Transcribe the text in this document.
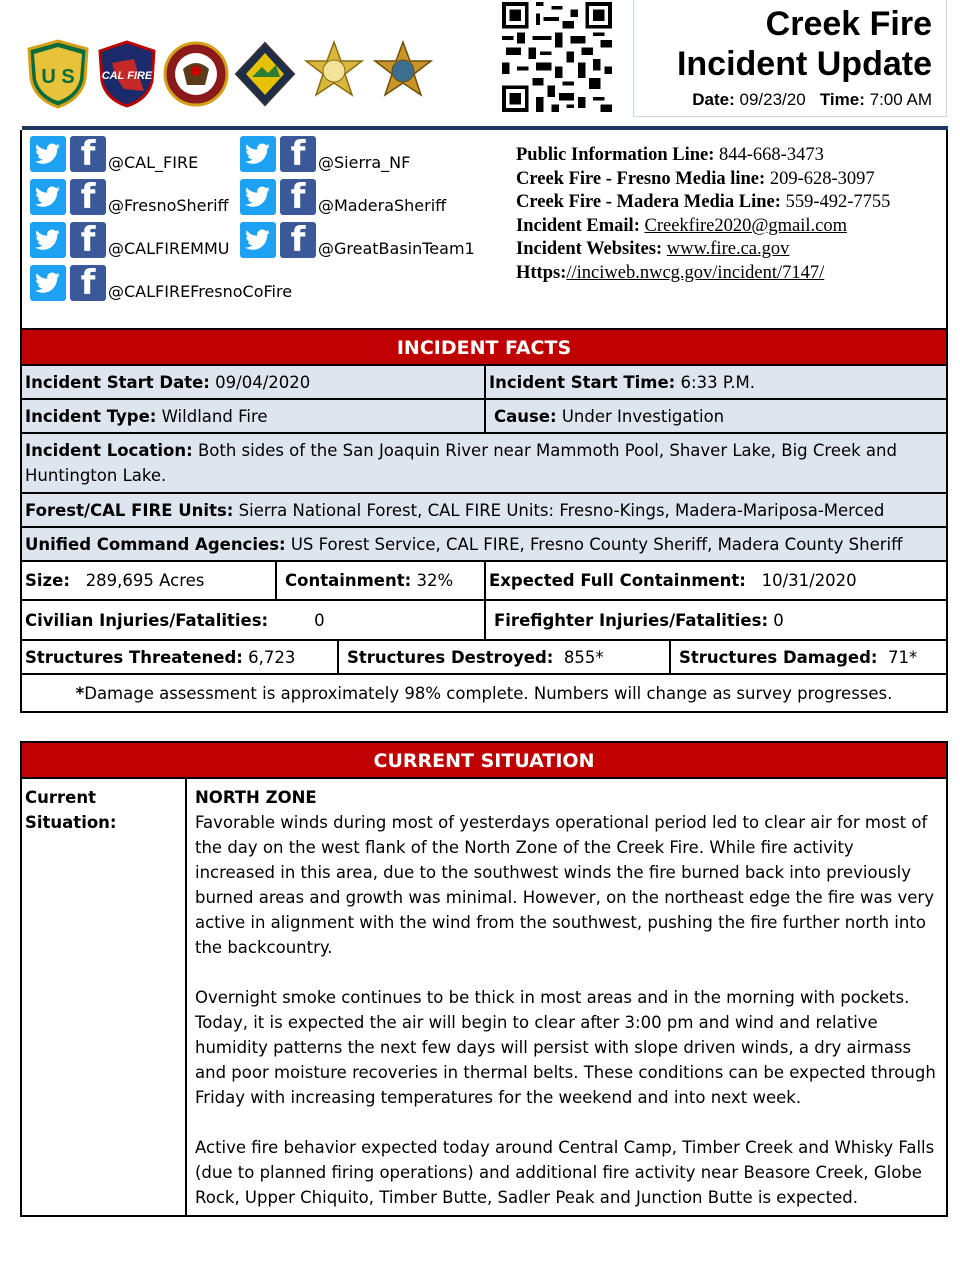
U S CAL FIRE
Creek Fire
Incident Update
Date: 09/23/20 Time: 7:00 AM
f @CAL_FIRE	f @Sierra_NF
f @FresnoSheriff	f @MaderaSheriff
f @CALFIREMMU	f @GreatBasinTeam1
f @CALFIREFresnoCoFire
Public Information Line: 844-668-3473
Creek Fire - Fresno Media line: 209-628-3097
Creek Fire - Madera Media Line: 559-492-7755
Incident Email: Creekfire2020@gmail.com
Incident Websites: www.fire.ca.gov
Https://inciweb.nwcg.gov/incident/7147/
INCIDENT FACTS
Incident Start Date: 09/04/2020	Incident Start Time: 6:33 P.M.
Incident Type: Wildland Fire	Cause: Under Investigation
Incident Location: Both sides of the San Joaquin River near Mammoth Pool, Shaver Lake, Big Creek and Huntington Lake.
Forest/CAL FIRE Units: Sierra National Forest, CAL FIRE Units: Fresno-Kings, Madera-Mariposa-Merced
Unified Command Agencies: US Forest Service, CAL FIRE, Fresno County Sheriff, Madera County Sheriff
Size: 289,695 Acres	Containment: 32% Expected Full Containment: 10/31/2020
Civilian Injuries/Fatalities:	0	Firefighter Injuries/Fatalities: 0
Structures Threatened: 6,723	Structures Destroyed: 855*	Structures Damaged: 71*
*Damage assessment is approximately 98% complete. Numbers will change as survey progresses.
CURRENT SITUATION
Current Situation:
NORTH ZONE

Favorable winds during most of yesterdays operational period led to clear air for most of the day on the west flank of the North Zone of the Creek Fire. While fire activity increased in this area, due to the southwest winds the fire burned back into previously burned areas and growth was minimal. However, on the northeast edge the fire was very active in alignment with the wind from the southwest, pushing the fire further north into the backcountry.

Overnight smoke continues to be thick in most areas and in the morning with pockets. Today, it is expected the air will begin to clear after 3:00 pm and wind and relative humidity patterns the next few days will persist with slope driven winds, a dry airmass and poor moisture recoveries in thermal belts. These conditions can be expected through Friday with increasing temperatures for the weekend and into next week.

Active fire behavior expected today around Central Camp, Timber Creek and Whisky Falls (due to planned firing operations) and additional fire activity near Beasore Creek, Globe Rock, Upper Chiquito, Timber Butte, Sadler Peak and Junction Butte is expected.
